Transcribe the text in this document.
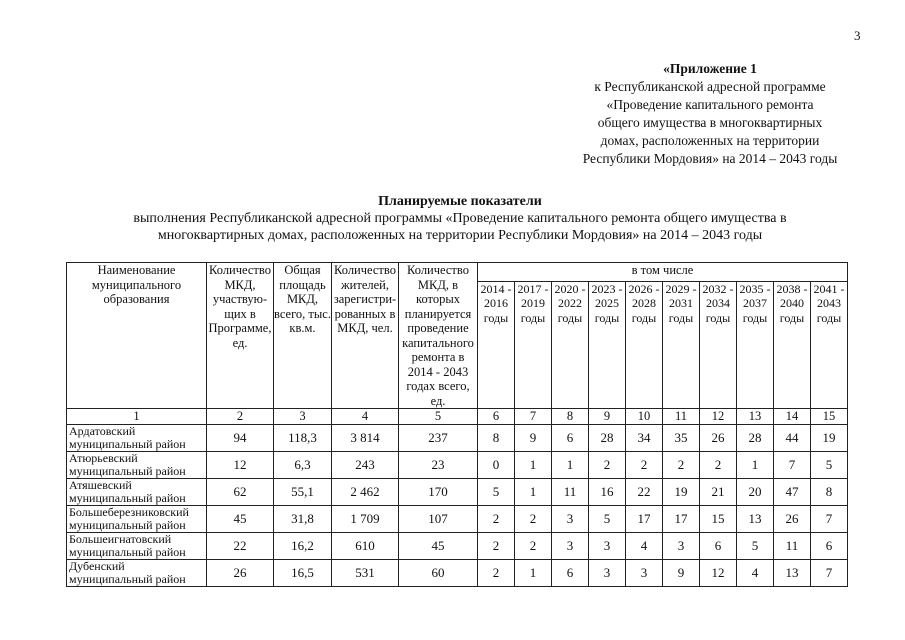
3
«Приложение 1
к Республиканской адресной программе
«Проведение капитального ремонта
общего имущества в многоквартирных
домах, расположенных на территории
Республики Мордовия» на 2014 – 2043 годы
Планируемые показатели
выполнения Республиканской адресной программы «Проведение капитального ремонта общего имущества в
многоквартирных домах, расположенных на территории Республики Мордовия» на 2014 – 2043 годы
Наименование муниципального образования	Количество МКД, участвую-щих в Программе, ед.	Общая площадь МКД, всего, тыс. кв.м.	Количество жителей, зарегистри-рованных в МКД, чел.	Количество МКД, в которых планируется проведение капитального ремонта в 2014 - 2043 годах всего, ед.	в том числе									
					2014 - 2016 годы	2017 - 2019 годы	2020 - 2022 годы	2023 - 2025 годы	2026 - 2028 годы	2029 - 2031 годы	2032 - 2034 годы	2035 - 2037 годы	2038 - 2040 годы	2041 - 2043 годы
1	2	3	4	5	6	7	8	9	10	11	12	13	14	15

Ардатовский
муниципальный район	94	118,3	3 814	237	8	9	6	28	34	35	26	28	44	19

Атюрьевский
муниципальный район	12	6,3	243	23	0	1	1	2	2	2	2	1	7	5

Атяшевский
муниципальный район	62	55,1	2 462	170	5	1	11	16	22	19	21	20	47	8

Большеберезниковский
муниципальный район	45	31,8	1 709	107	2	2	3	5	17	17	15	13	26	7

Большеигнатовский
муниципальный район	22	16,2	610	45	2	2	3	3	4	3	6	5	11	6

Дубенский
муниципальный район	26	16,5	531	60	2	1	6	3	3	9	12	4	13	7
